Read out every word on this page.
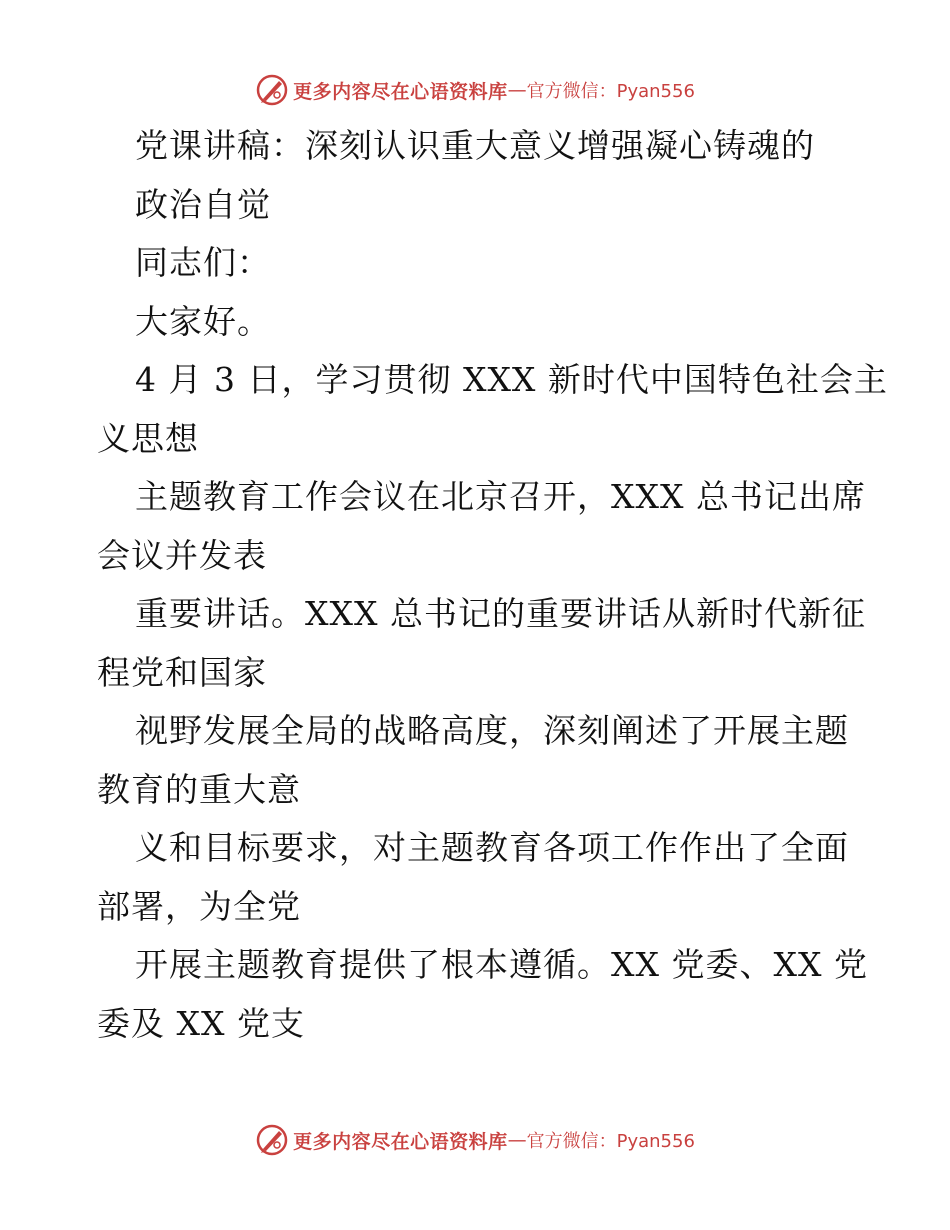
更多内容尽在心语资料库 — 官方微信：Pyan556

党课讲稿：深刻认识重大意义增强凝心铸魂的

政治自觉

同志们：

大家好。

4 月 3 日，学习贯彻 XXX 新时代中国特色社会主

义思想

主题教育工作会议在北京召开，XXX 总书记出席

会议并发表

重要讲话。XXX 总书记的重要讲话从新时代新征

程党和国家

视野发展全局的战略高度，深刻阐述了开展主题

教育的重大意

义和目标要求，对主题教育各项工作作出了全面

部署，为全党

开展主题教育提供了根本遵循。XX 党委、XX 党

委及 XX 党支

更多内容尽在心语资料库 — 官方微信：Pyan556
